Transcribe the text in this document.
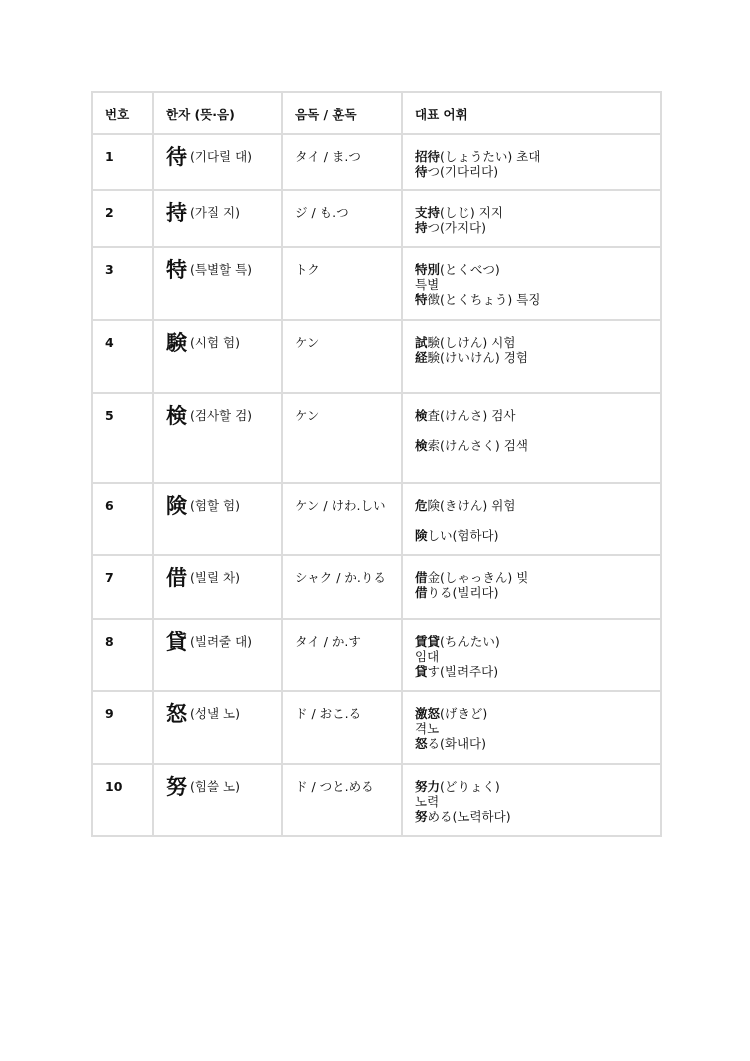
번호	한자 (뜻·음)	음독 / 훈독	대표 어휘
1	待 (기다릴 대)	タイ / ま.つ	招待(しょうたい) 초대
待つ(기다리다)

2	持 (가질 지)	ジ / も.つ	支持(しじ) 지지
持つ(가지다)

3	特 (특별할 특)	トク	特別(とくべつ)
특별
特徴(とくちょう) 특징

4	験 (시험 험)	ケン	試験(しけん) 시험
経験(けいけん) 경험

5	検 (검사할 검)	ケン	検査(けんさ) 검사
検索(けんさく) 검색

6	険 (험할 험)	ケン / けわ.しい	危険(きけん) 위험
険しい(험하다)

7	借 (빌릴 차)	シャク / か.りる	借金(しゃっきん) 빚
借りる(빌리다)

8	貸 (빌려줄 대)	タイ / か.す	賃貸(ちんたい)
임대
貸す(빌려주다)

9	怒 (성낼 노)	ド / おこ.る	激怒(げきど)
격노
怒る(화내다)

10	努 (힘쓸 노)	ド / つと.める	努力(どりょく)
노력
努める(노력하다)
